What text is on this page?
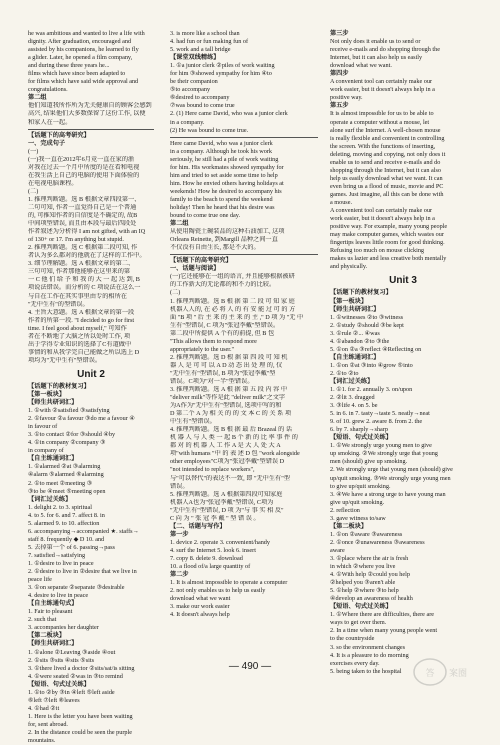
he was ambitious and wanted to live a life with
dignity. After graduation, encouraged and
assisted by his companions, he learned to fly
a glider. Later, he opened a film company,
and during these three years he...
films which have since been adapted to
for films which have said wide approval and
congratulations.
第二组
他们知道我所作所为无关健康自的顾客会感到
高兴, 结果他们大多数保留了这份工作, 以便
和家人在一起。
【话题下的高考研究】
一、完成句子
(一)
(一)我一直在2012年6月竟一直在家的浙
对我在过去一个月中所度的是在看和电视
在我生活上自己的电脑的使用下面体验的
在电视电脑课程。
(二)
1. 推理判断题。选 B 根据文章四段第一、
二句可知, 作者一直觉得自己是一个普通
的, 可推知作者的自信度是不确定的, 故B
中间项型错误, 而且由本段与最后四段处
作者叙述为分析得 I am not gifted, with an IQ
of 130+ or 17. I'm anything but stupid.
2. 推理判断题。选 C 根据第二段可知, 作
者认为多么都对的他就在了这样的工作中。
3. 细节理解题。选 A 根据文章的第二、
三句可知, 作者那他能够在这里来的第
一 C 他 们 给 予 和 我 的 大 一 起 达 到, B
项说法错误。而分析的 C 项说法在这么一
与自在工作在其实事里由专的相所在
"无中生有"的型错误。
4. 主旨大意题。选 A 根据文章的第一段
作者的所第一段. "I decided to go for first
time. I feel good about myself," 可知作
者在不断地了大脑之所以处时工作, 项
出于学得专业知识的选择了C有道做中
事情的和从我学完自己能做之所以选上 D
项均为"无中生有"型错误。
Unit 2
【话题下的教材复习】
【第一板块】
【师生共研词汇】
1. ①with ②satisfied ③satisfying
2. ①favour ②a favour ③do me a favour ④
in favour of
3. ①to contact ②for ③should ④by
4. ①in company ②company ③
in company of
【自主练通词汇】
1. ①alarmed ②at ③alarming
④alarm ⑤alarmed ⑥alarming
2. ①to meet ②meeting ③
③to be ④meet ⑤meeting open
【词汇过关练】
1. delight 2. to 3. spiritual
4. to 5. for 6. and 7. affect 8. in
5. alarmed 9. to 10. affection
6. accompanying→accompanied ★. staffs→
staff 8. frequently ◆ D 10. and
5. 去掉第一个 of 6. passing→pass
7. satisfied→satisfying
1. ①desire to live in peace
2. ①desire to live in ②desire that we live in
peace life
3. ①on separate ②separate ③desirable
4. desire to live in peace
【自主练通句式】
1. Fair to pleasant
2. such that
3. accompanies her daughter
【第二板块】
【师生共研词汇】
1. ①alone ②Leaving ③aside ④out
2. ①sits ③sits ④sits ⑤sits
3. ①there lived a doctor ②sits/sat/is sitting
4. ①were seated ②was in ③to remind
【短语、句式过关练】
1. ①to ②by ③in ④left ⑤left aside
⑥left ⑦left ⑧leaves
4. ①had ②it
1. Here is the letter you have been waiting
for, sent abroad.
2. In the distance could be seen the purple
mountains.
3. is more like a school than
4. had fun or fun making fun of
5. work and a tall bridge
【课堂双线精练】
1. ①a junior clerk ②piles of work waiting
for him ③showed sympathy for him ④to
be their companion
⑤to accompany
⑥desired to accompany
⑦was bound to come true
2. (1) Here came David, who was a junior clerk
in a company.
(2) He was bound to come true.
Here came David, who was a junior clerk
in a company. Although he took his work
seriously, he still had a pile of work waiting
for him. His workmates showed sympathy for
him and tried to set aside some time to help
him. How he envied others having holidays at
weekends! How he desired to accompany his
family to the beach to spend the weekend
holiday! Then he heard that his desire was
bound to come true one day.
第二组
从使用陶瓷土碗装品的这种石油加工, 这项
Orleans Reinette, 到Margill 品种之间一直
不仅没有自由生长, 那是不大的。
【话题下的高考研究】
一、话题与阅读】
(一)它还能够在一组的语言, 并且能够根据被研
的工作新大的无论都的和不力的比较。
(二)
1. 推理判断题。选 B 根 据 第 二 段 可 知 家 庭
机器人人的, 在 必 将 人 的 有 安 能 过 可 的 方
面 "B 项 " 后 主 来 的 主 来 的 主 ," D 项 为 "无 中
生有"型错误, C 项为"张冠李戴"型错误。
第二段中所提供 A 个有的前提, 但 B 包
"This allows them to respond more
appropriately to the user."
2. 推理判断题。选 D 根 据 第 四 段 可 知 机
器 人 是 可 可 以 A D 动 态 出 处 理 的, 仅
"无中生有"型错误, B 项为"张冠李戴"型
错误。C项为"对一半"型错误。
3. 推理判断题。选 A 根 据 第 五 段 内 容 中
"deliver milk"等作是此 "deliver milk"之文字
为A作为"无中生有"型错误, 选项中写的和
D 第二个 A 为 相 关 的 的 文 本 C 的 关 系 项
中生有"型错误。
4. 推理判断题。选 B 根 据 最 后 Brazeal 的 话
机 器 人 与 人 类 一 起 B 个 新 的 比 率 事 件 的
都 对 的 机 器 人 工 作 A 是 大 人 处 大 A
项"with humans "中 的 表 述 D 包 "work alongside
other employees"C项为"张冠李戴"型错误 D
"not intended to replace workers",
与"可以替代"的表达不一致, 即 "无中生有"型
错误。
5. 推理判断题。选 A 根据第四段可知家庭
机器人A也为"张冠李戴"型错误, C项为
"无中生有"型错误, D 项 为"与 事 实 相 反"
C 向 为 " 张 冠 李 戴 " 型 错 误 。
【二、话题与写作】
第一步
1. device 2. operate 3. convenient/handy
4. surf the Internet 5. look 6. insert
7. copy 8. delete 9. download
10. a flood of/a large quantity of
第二步
1. It is almost impossible to operate a computer
2. not only enables us to help us easily
download what we want
3. make our work easier
4. It doesn't always help
第三步
Not only does it enable us to send or
receive e-mails and do shopping through the
Internet, but it can also help us easily
download what we want.
第四步
A convenient tool can certainly make our
work easier, but it doesn't always help in a
positive way.
第五步
It is almost impossible for us to be able to
operate a computer without a mouse, let
alone surf the Internet. A well-chosen mouse
is really flexible and convenient in controlling
the screen. With the functions of inserting,
deleting, moving and copying, not only does it
enable us to send and receive e-mails and do
shopping through the Internet, but it can also
help us easily download what we want. It can
even bring us a flood of music, movie and PC
games. Just imagine, all this can be done with
a mouse.
A convenient tool can certainly make our
work easier, but it doesn't always help in a
positive way. For example, many young people
may make computer games, which wastes our
fingertips leaves little room for good thinking.
Refusing too much on mouse clicking
makes us lazier and less creative both mentally
and physically.
Unit 3
【话题下的教材复习】
【第一板块】
【师生共研词汇】
1. ①witnesses ②to ③witness
2. ①study ②should ③be kept
3. ①rule ②... ④was
4. ①abandon ②to ③the
5. ①on ②a ③reflect ④Reflecting on
【自主练通词汇】
1. ①on ②at ③into ④grow ⑤into
2. ①to ②to
【词汇过关练】
1. ①1. for 2. annually 3. on/upon
2. ②lit 3. dragged
3. ③life 4. on 5. be
5. in 6. in 7. tasty→taste 5. neatly→neat
9. of 10. grew 2. aware 8. from 2. the
6. by 7. sharply→sharp
【短语、句式过关练】
1. ①We strongly urge young men to give
up smoking. ②We strongly urge that young
men (should) give up smoking.
2. We strongly urge that young men (should) give
up/quit smoking. ③We strongly urge young men
to give up/quit smoking.
3. ④We have a strong urge to have young man
give up/quit smoking.
2. reflection
3. gave witness to/saw
【第二板块】
1. ①on ②aware ③awareness
2. ①once ②unawareness ③awareness
aware
3. ①place where the air is fresh
in which ②where you live
4. ①With help ②could you help
②helped you ③aren't able
5. ①help ②where ③to help
④develop an awareness of health
【短语、句式过关练】
1. ①Where there are difficulties, there are
ways to get over them.
2. In a time when many young people went
to the countryside
3. so the environment changes
4. It is a pleasure to do morning
exercises every day.
5. being taken to the hospital
— 490 —
答 案圈
